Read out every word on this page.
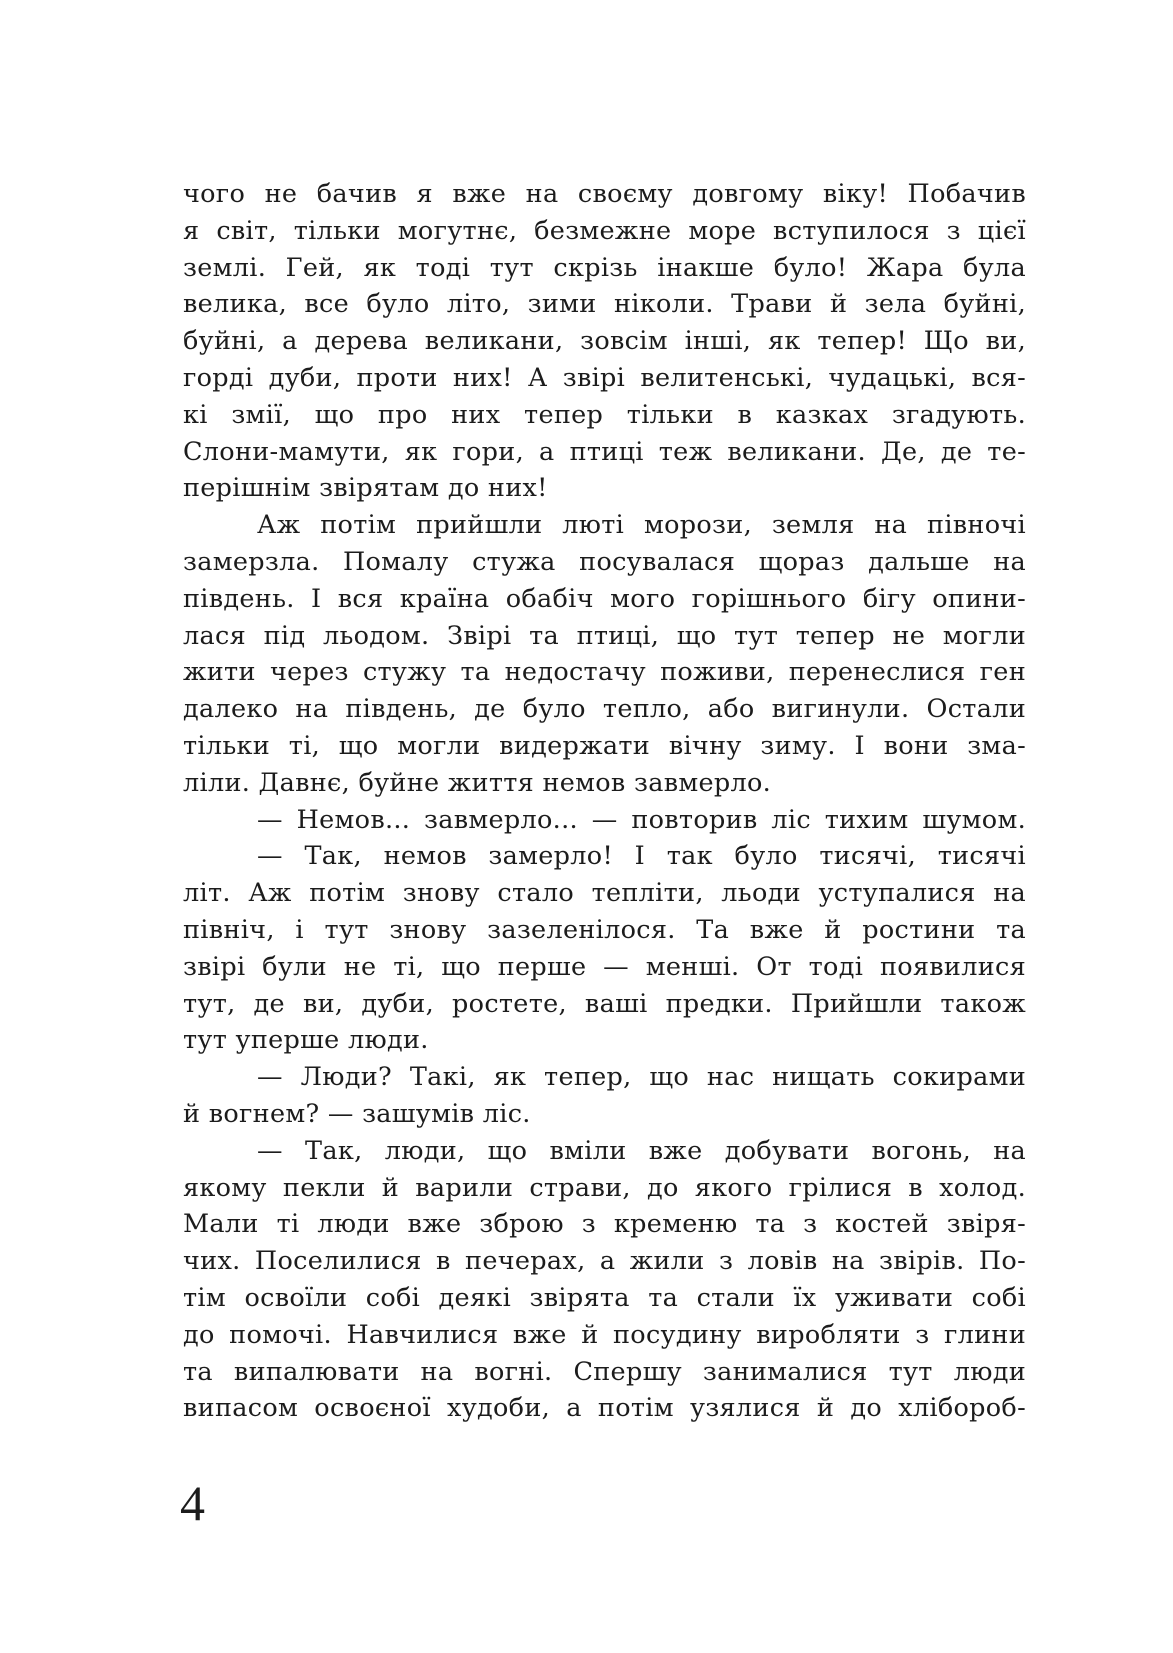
чого не бачив я вже на своєму довгому віку! Побачив
я світ, тільки могутнє, безмежне море вступилося з цієї
землі. Гей, як тоді тут скрізь інакше було! Жара була
велика, все було літо, зими ніколи. Трави й зела буйні,
буйні, а дерева великани, зовсім інші, як тепер! Що ви,
горді дуби, проти них! А звірі велитенські, чудацькі, вся-
кі змії, що про них тепер тільки в казках згадують.
Слони-мамути, як гори, а птиці теж великани. Де, де те-
перішнім звірятам до них!
Аж потім прийшли люті морози, земля на півночі
замерзла. Помалу стужа посувалася щораз дальше на
південь. І вся країна обабіч мого горішнього бігу опини-
лася під льодом. Звірі та птиці, що тут тепер не могли
жити через стужу та недостачу поживи, перенеслися ген
далеко на південь, де було тепло, або вигинули. Остали
тільки ті, що могли видержати вічну зиму. І вони зма-
ліли. Давнє, буйне життя немов завмерло.
— Немов... завмерло... — повторив ліс тихим шумом.
— Так, немов замерло! І так було тисячі, тисячі
літ. Аж потім знову стало тепліти, льоди уступалися на
північ, і тут знову зазеленілося. Та вже й ростини та
звірі були не ті, що перше — менші. От тоді появилися
тут, де ви, дуби, ростете, ваші предки. Прийшли також
тут уперше люди.
— Люди? Такі, як тепер, що нас нищать сокирами
й вогнем? — зашумів ліс.
— Так, люди, що вміли вже добувати вогонь, на
якому пекли й варили страви, до якого грілися в холод.
Мали ті люди вже зброю з кременю та з костей звіря-
чих. Поселилися в печерах, а жили з ловів на звірів. По-
тім освоїли собі деякі звірята та стали їх уживати собі
до помочі. Навчилися вже й посудину виробляти з глини
та випалювати на вогні. Спершу занималися тут люди
випасом освоєної худоби, а потім узялися й до хлібороб-
4
